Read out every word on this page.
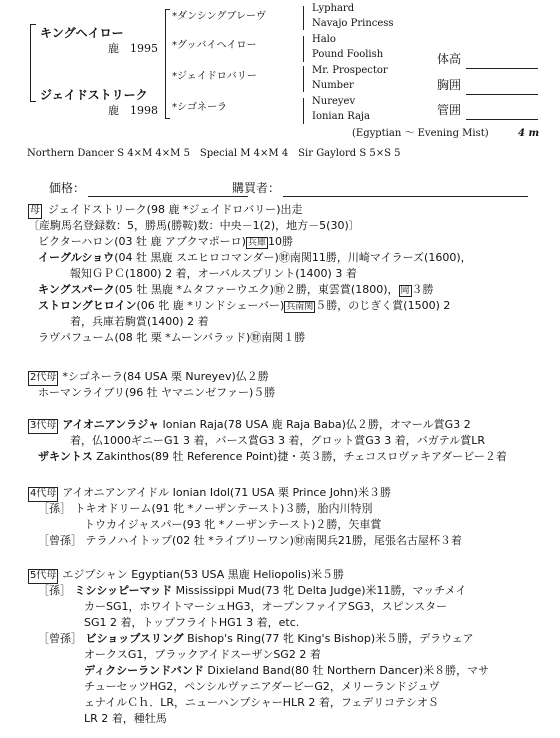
キングヘイロー
鹿　1995
ジェイドストリーク
鹿　1998
*ダンシングブレーヴ
*グッバイヘイロー
*ジェイドロバリー
*シゴネーラ
Lyphard
Navajo Princess
Halo
Pound Foolish
Mr. Prospector
Number
Nureyev
Ionian Raja
体高
胸囲
管囲
(Egyptian 〜 Evening Mist)	4 m
Northern Dancer S 4×M 4×M 5　Special M 4×M 4　Sir Gaylord S 5×S 5
価格：	購買者：
母 ジェイドストリーク(98 鹿 *ジェイドロバリー)出走
〔産駒馬名登録数：5，勝馬(勝鞍)数：中央－1(2)，地方－5(30)〕
ビクターハロン(03 牡 鹿 アブクマポーロ) 兵庫 10勝
イーグルショウ(04 牡 黒鹿 スエヒロコマンダー)㊖南関11勝，川崎マイラーズ(1600)，
報知ＧＰＣ(1800) 2 着，オーバルスプリント(1400) 3 着
キングスパーク(05 牡 黒鹿 *ムタファーウエク)㊖２勝，東雲賞(1800)， 岡 ３勝
ストロングヒロイン(06 牝 鹿 *リンドシェーバー) 兵南関 ５勝，のじぎく賞(1500) 2
着，兵庫若駒賞(1400) 2 着
ラヴパフューム(08 牝 栗 *ムーンバラッド)㊖南関１勝
2代母 *シゴネーラ(84 USA 栗 Nureyev)仏２勝
ホーマンライブリ(96 牡 ヤマニンゼファー)５勝
3代母 アイオニアンラジャ Ionian Raja(78 USA 鹿 Raja Baba)仏２勝，オマール賞G3 2
着，仏1000ギニーG1 3 着，バース賞G3 3 着，グロット賞G3 3 着，バガテル賞LR
ザキントス Zakinthos(89 牡 Reference Point)捷・英３勝，チェコスロヴァキアダービー２着
4代母 アイオニアンアイドル Ionian Idol(71 USA 栗 Prince John)米３勝
［孫］ トキオドリーム(91 牝 *ノーザンテースト)３勝，胎内川特別
トウカイジャスパー(93 牝 *ノーザンテースト)２勝，矢車賞
［曾孫］ テラノハイトップ(02 牡 *ライブリーワン)㊖南関兵21勝，尾張名古屋杯３着
5代母 エジプシャン Egyptian(53 USA 黒鹿 Heliopolis)米５勝
［孫］ ミシシッピーマッド Mississippi Mud(73 牝 Delta Judge)米11勝，マッチメイ
カーSG1，ホワイトマーシュHG3，オープンファイアSG3，スピンスター
SG1 2 着，トップフライトHG1 3 着，etc.
［曾孫］ ビショップスリング Bishop's Ring(77 牝 King's Bishop)米５勝，デラウェア
オークスG1，ブラックアイドスーザンSG2 2 着
ディクシーランドバンド Dixieland Band(80 牡 Northern Dancer)米８勝，マサ
チューセッツHG2，ペンシルヴァニアダービーG2，メリーランドジュヴ
ェナイルＣｈ．LR，ニューハンプシャーHLR 2 着，フェデリコテシオＳ
LR 2 着，種牡馬
